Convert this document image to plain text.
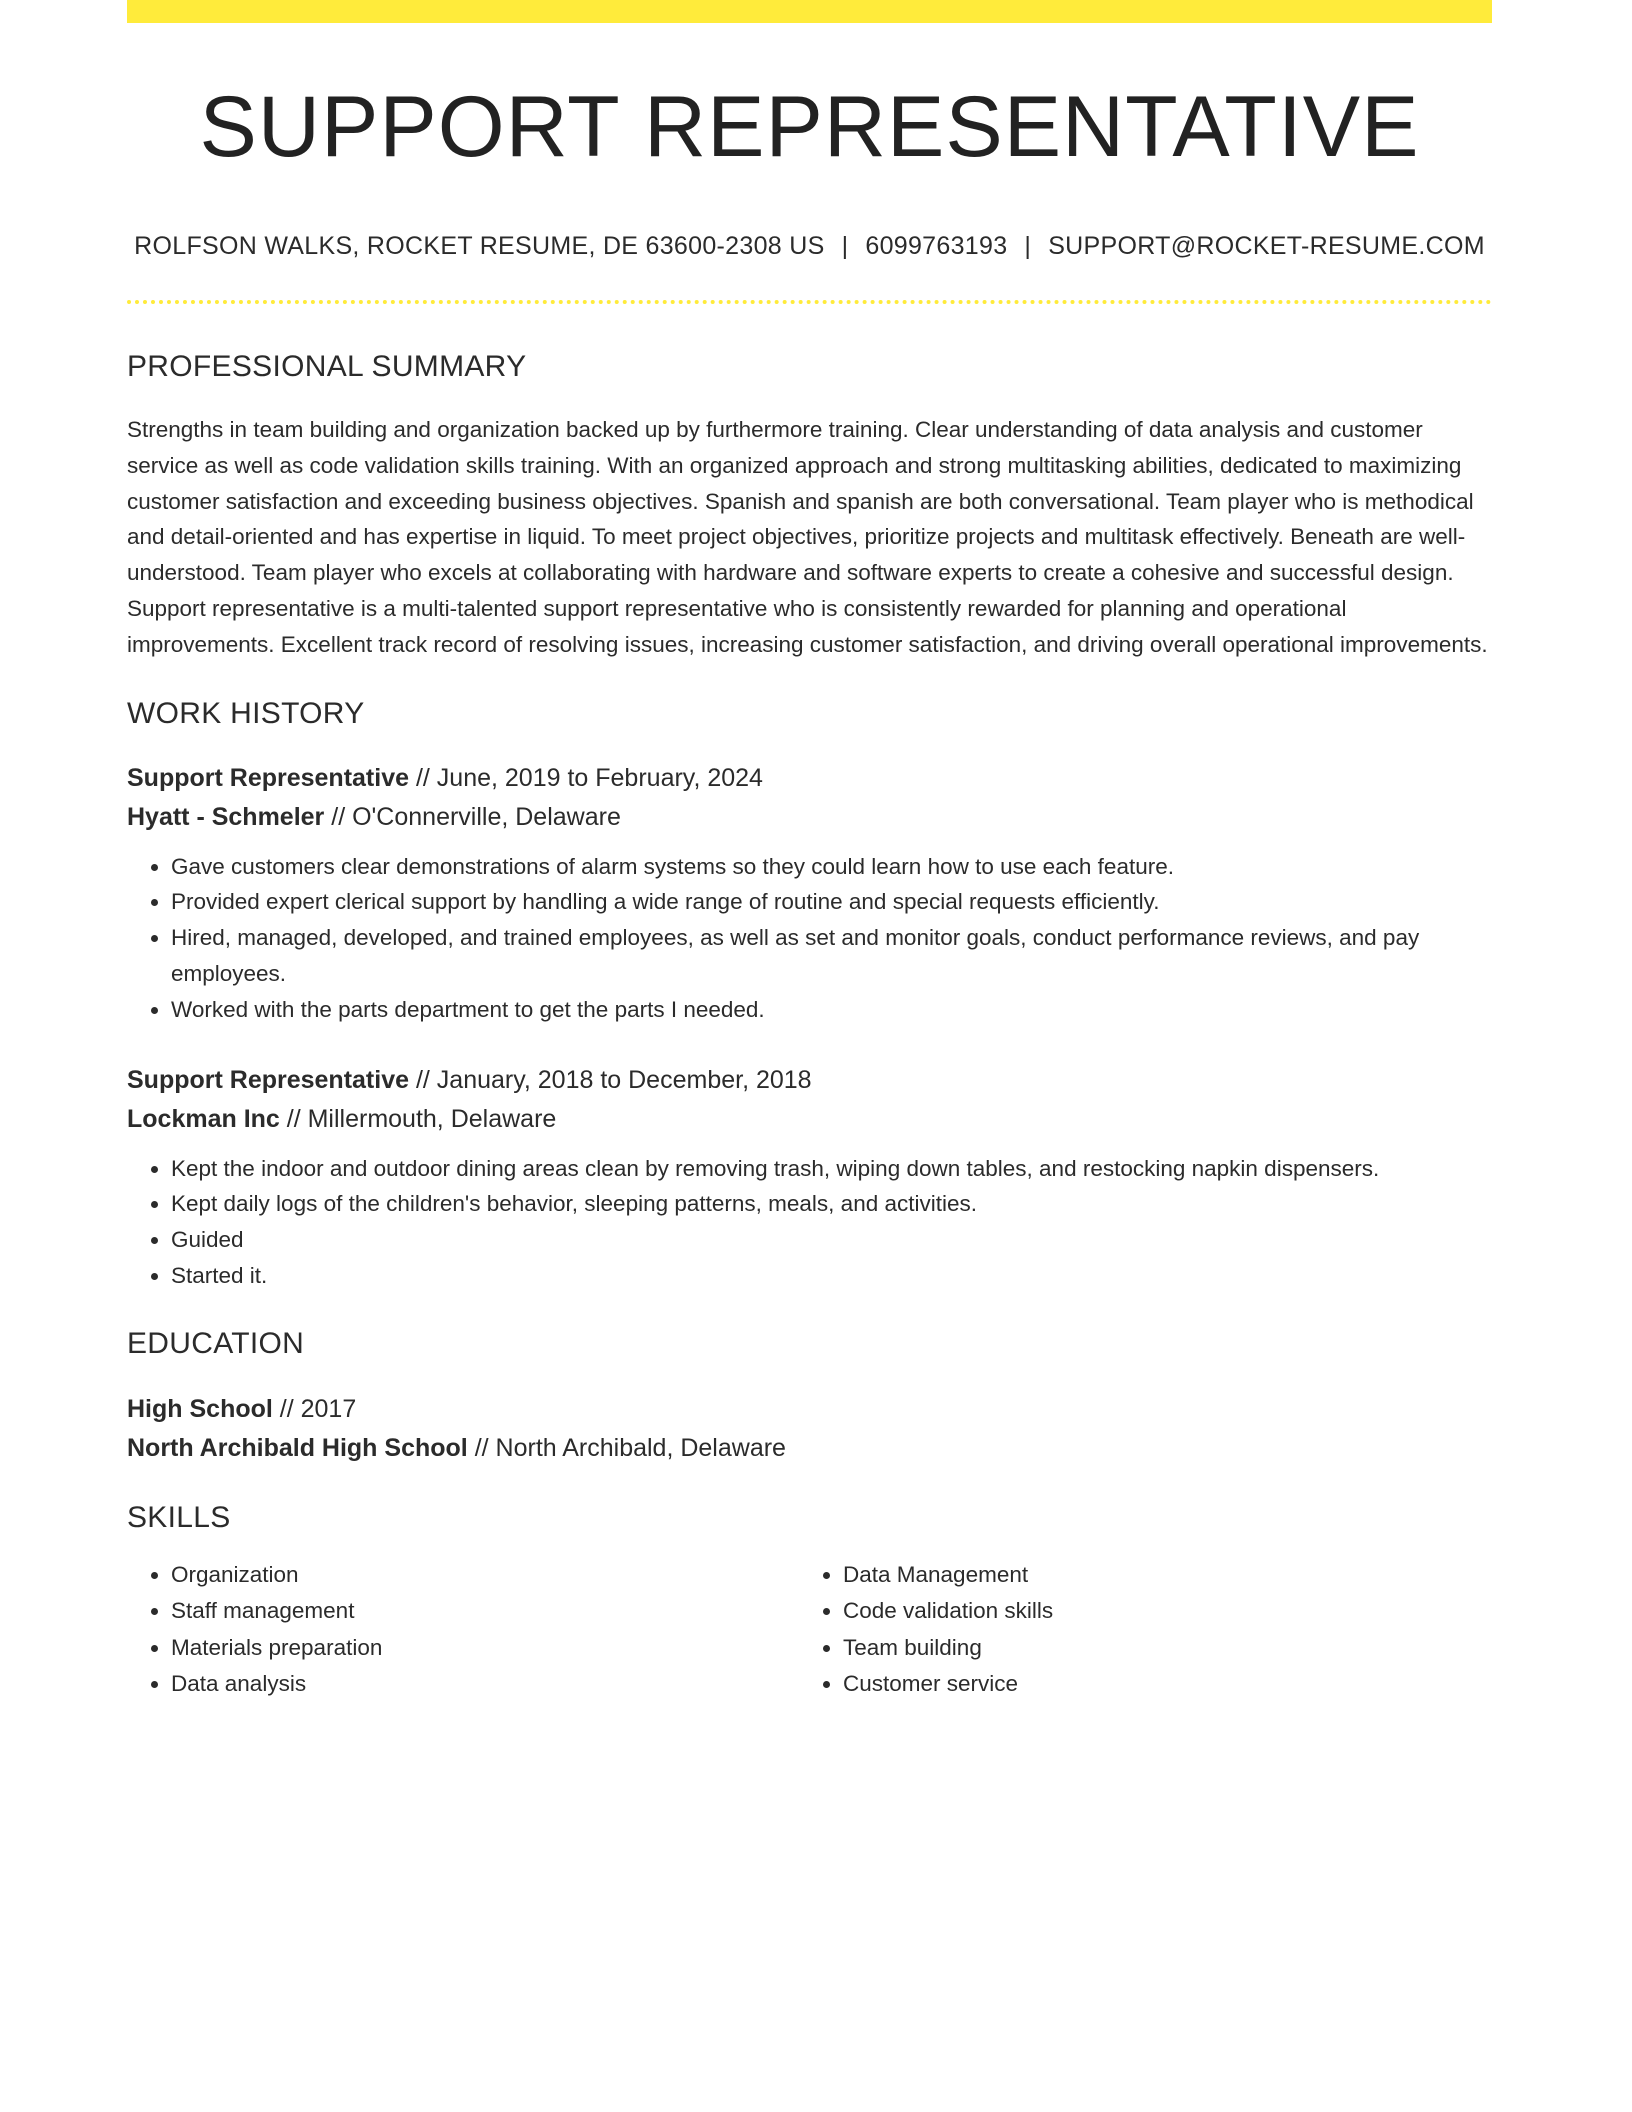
SUPPORT REPRESENTATIVE
ROLFSON WALKS, ROCKET RESUME, DE 63600-2308 US | 6099763193 | SUPPORT@ROCKET-RESUME.COM
PROFESSIONAL SUMMARY
Strengths in team building and organization backed up by furthermore training. Clear understanding of data analysis and customer service as well as code validation skills training. With an organized approach and strong multitasking abilities, dedicated to maximizing customer satisfaction and exceeding business objectives. Spanish and spanish are both conversational. Team player who is methodical and detail-oriented and has expertise in liquid. To meet project objectives, prioritize projects and multitask effectively. Beneath are well-understood. Team player who excels at collaborating with hardware and software experts to create a cohesive and successful design. Support representative is a multi-talented support representative who is consistently rewarded for planning and operational improvements. Excellent track record of resolving issues, increasing customer satisfaction, and driving overall operational improvements.
WORK HISTORY
Support Representative // June, 2019 to February, 2024
Hyatt - Schmeler // O'Connerville, Delaware
• Gave customers clear demonstrations of alarm systems so they could learn how to use each feature.
• Provided expert clerical support by handling a wide range of routine and special requests efficiently.
• Hired, managed, developed, and trained employees, as well as set and monitor goals, conduct performance reviews, and pay employees.
• Worked with the parts department to get the parts I needed.
Support Representative // January, 2018 to December, 2018
Lockman Inc // Millermouth, Delaware
• Kept the indoor and outdoor dining areas clean by removing trash, wiping down tables, and restocking napkin dispensers.
• Kept daily logs of the children's behavior, sleeping patterns, meals, and activities.
• Guided
• Started it.
EDUCATION
High School // 2017
North Archibald High School // North Archibald, Delaware
SKILLS
• Organization
• Staff management
• Materials preparation
• Data analysis
• Data Management
• Code validation skills
• Team building
• Customer service
